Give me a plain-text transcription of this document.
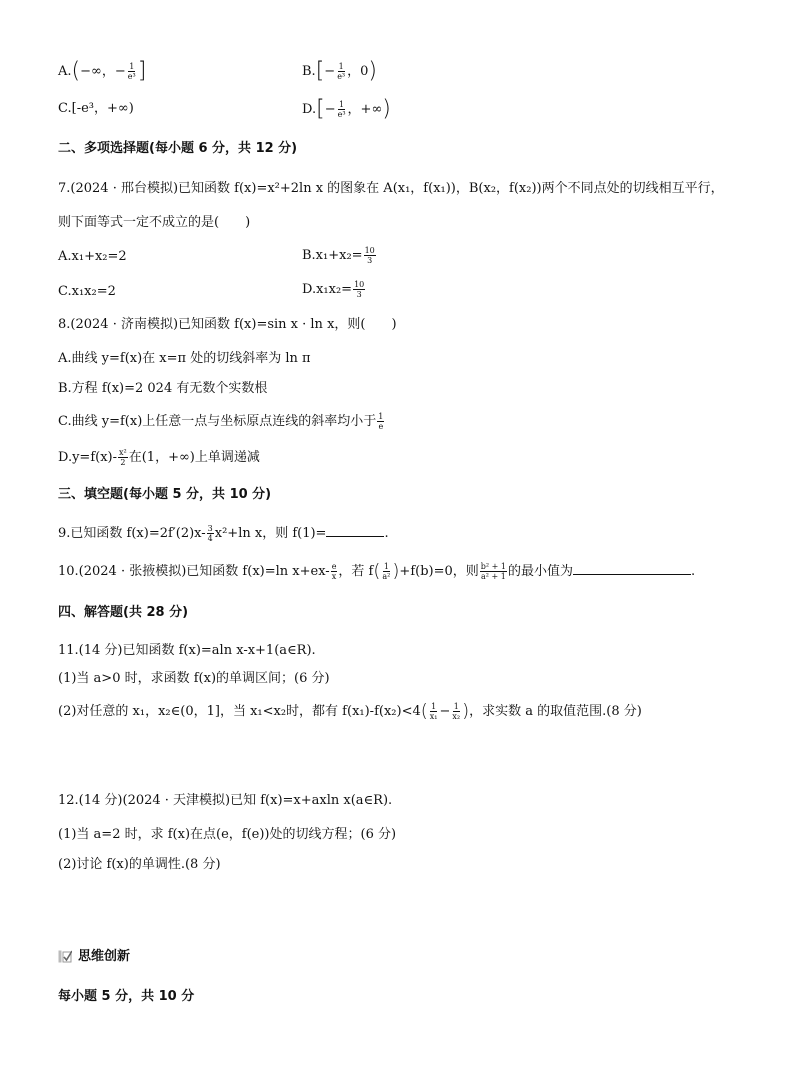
A.(−∞，− $\frac{1}{\text{e³}}$ ]	$B.[- \frac{1}{\text{e³}}$ ，0)
C.[-e³，+∞)	$D.[- \frac{1}{\text{e³}}$ ，+∞)
二、多项选择题(每小题 6 分，共 12 分)
7.(2024 · 邢台模拟)已知函数 f(x)=x²+2ln x 的图象在 A(x₁，f(x₁))，B(x₂，f(x₂))两个不同点处的切线相互平行，
则下面等式一定不成立的是(　　)
A.x₁+x₂=2	$B.x_1+x_2= \frac{10}{3}$
C.x₁x₂=2	$D.x_1x_2= \frac{10}{3}$
8.(2024 · 济南模拟)已知函数 f(x)=sin x · ln x，则(　　)
A.曲线 y=f(x)在 x=π 处的切线斜率为 ln π
B.方程 f(x)=2 024 有无数个实数根
C.曲线 y=f(x)上任意一点与坐标原点连线的斜率均小于 $\frac{1}{e}$
$D.y=f(x)- \frac{\text{x²}}{2}$ 在(1，+∞)上单调递减
三、填空题(每小题 5 分，共 10 分)
9.已知函数 $f(x)=2f'(2)x- \frac{3}{4} x^2+\ln$ x，则 f(1)=	.
10.(2024 · 张掖模拟)已知函数 f(x)=ln $x+ex- \frac{e}{x}$ ，若 $f( \frac{1}{\text{a²}} )+f(b)=0$，则 $\frac{\text{b² + 1}}{\text{a² + 1}}$ 的最小值为	.
四、解答题(共 28 分)
11.(14 分)已知函数 f(x)=aln x-x+1(a∈R).
(1)当 a>0 时，求函数 f(x)的单调区间；(6 分)
(2)对任意的 x₁，x₂∈(0，1]，当 x₁<x₂时，都有 $f(x_1)-f(x_2)<4( \frac{1}{\text{x₁}} - \frac{1}{\text{x₂}}$ )，求实数 a 的取值范围.(8 分)
12.(14 分)(2024 · 天津模拟)已知 f(x)=x+axln x(a∈R).
(1)当 a=2 时，求 f(x)在点(e，f(e))处的切线方程；(6 分)
(2)讨论 f(x)的单调性.(8 分)
思维创新
每小题 5 分，共 10 分
